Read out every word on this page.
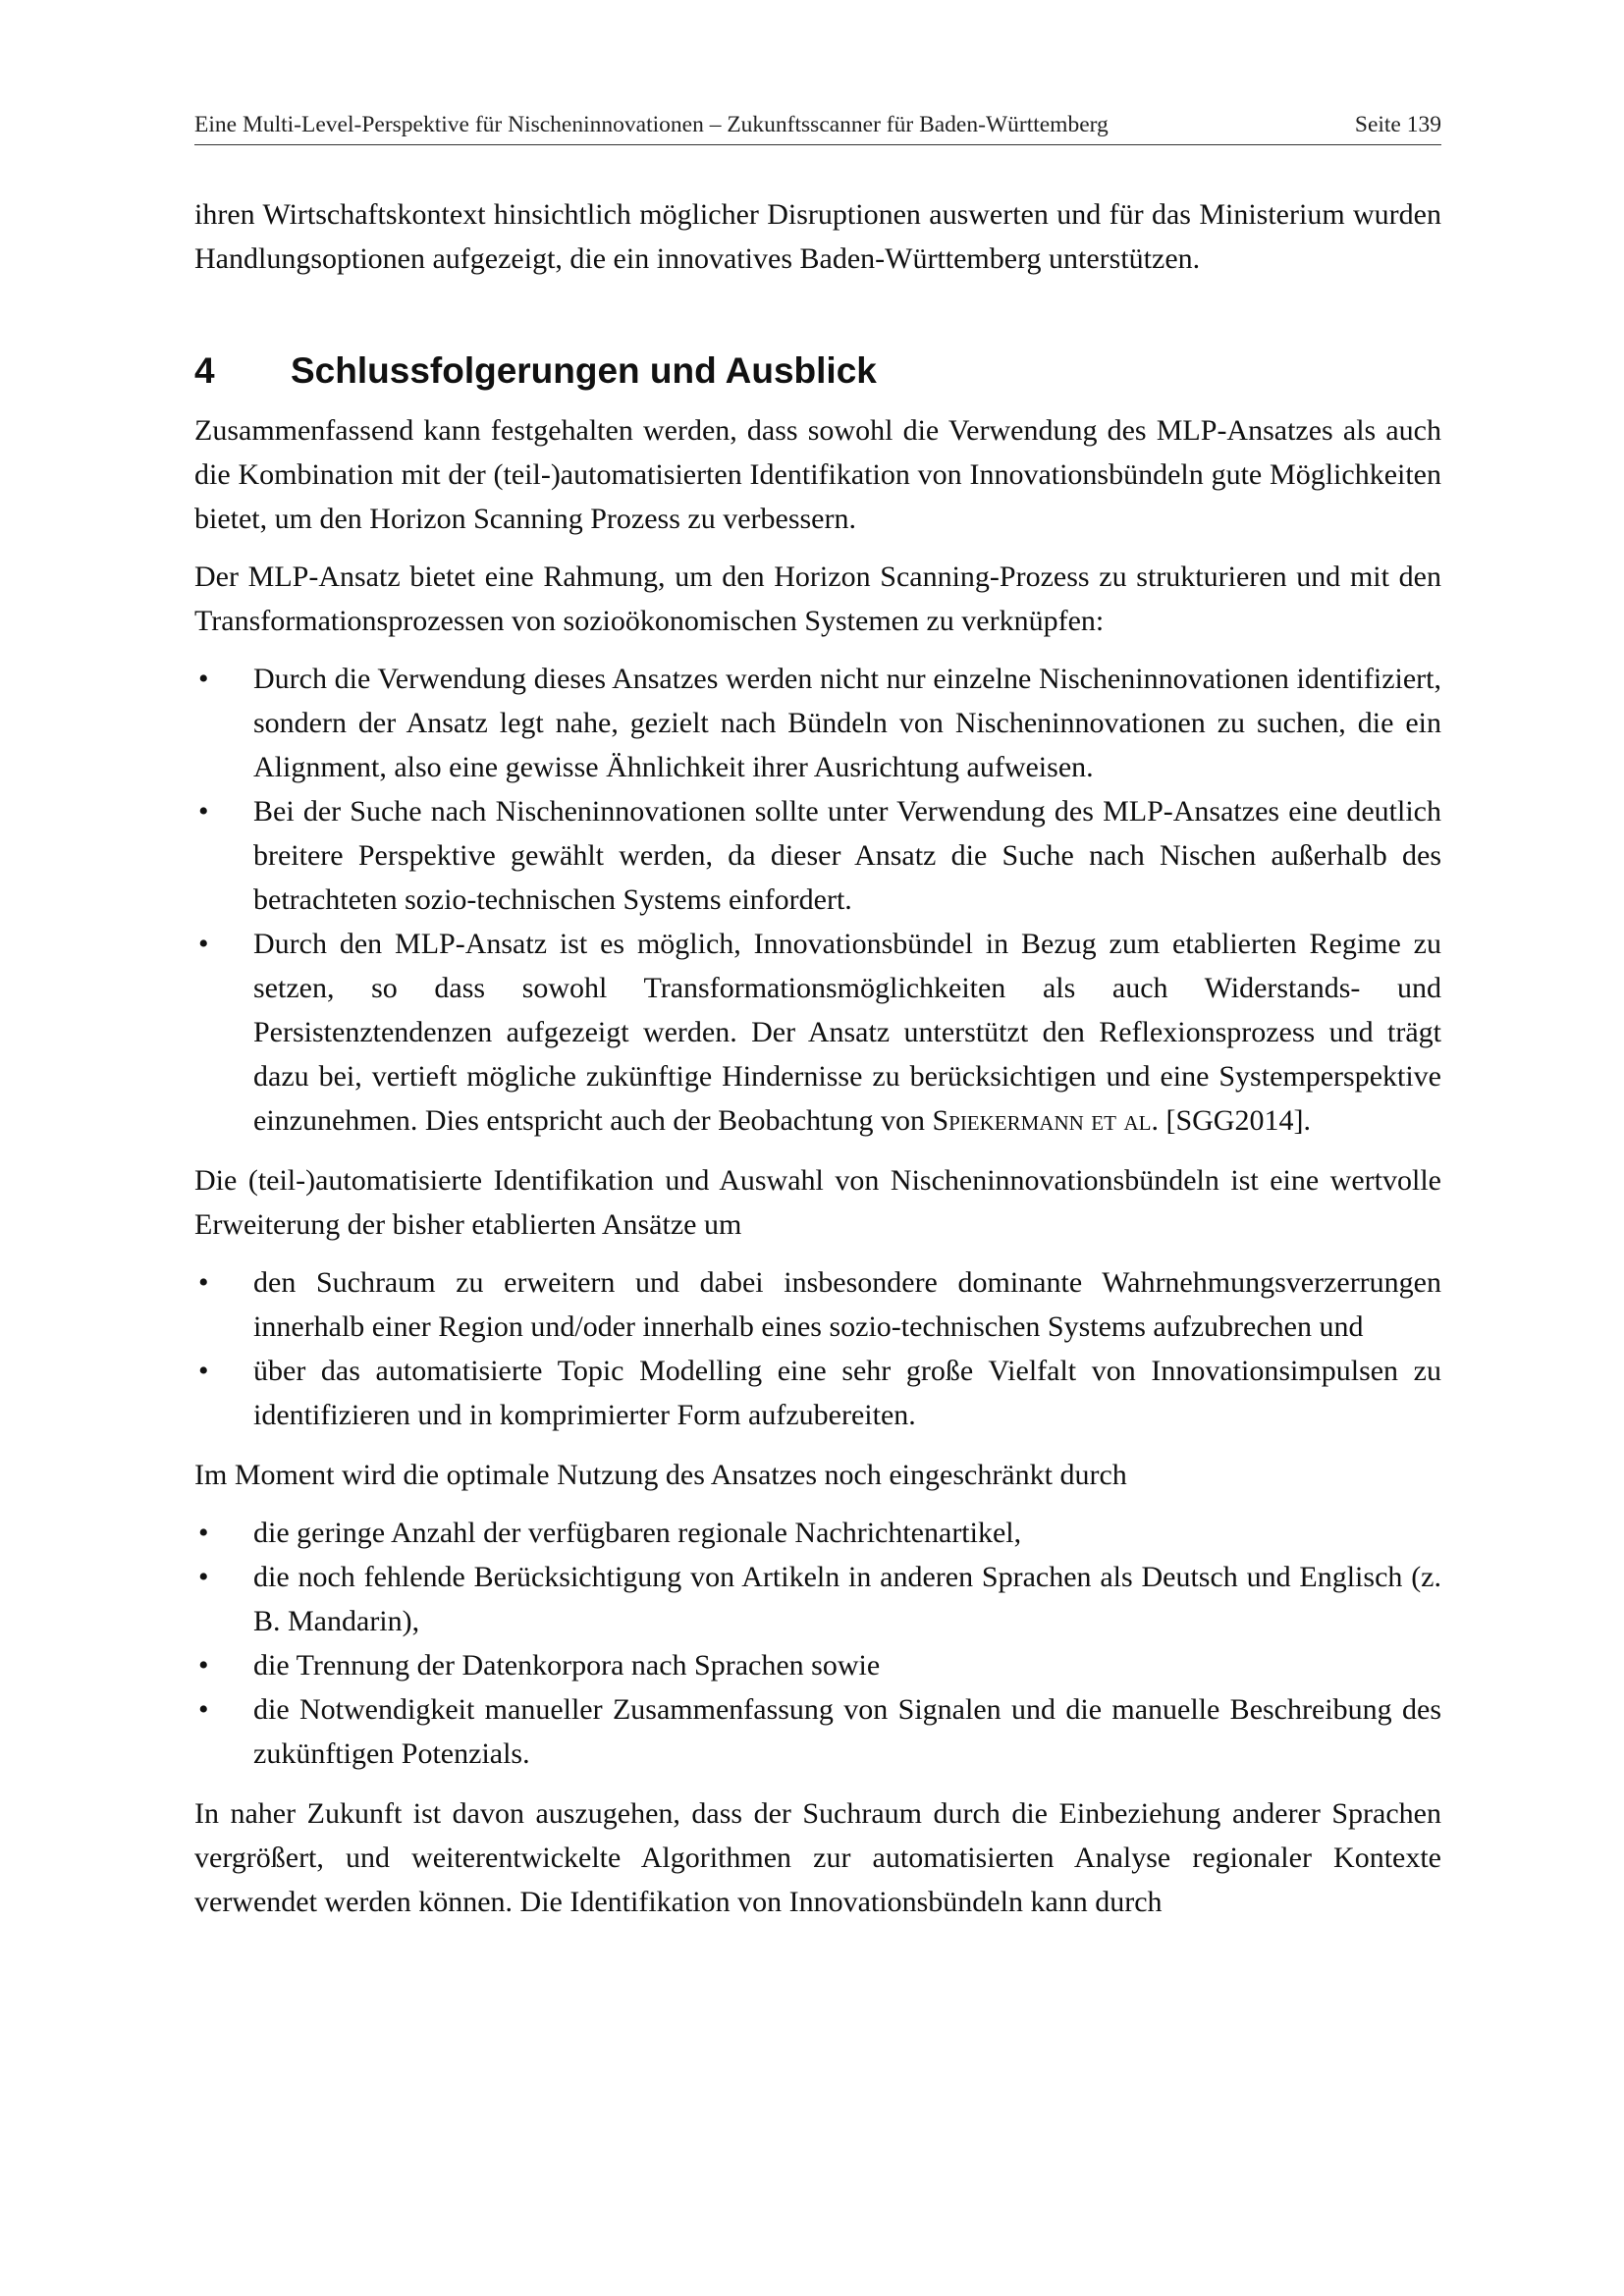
Eine Multi-Level-Perspektive für Nischeninnovationen – Zukunftsscanner für Baden-Württemberg	Seite 139

ihren Wirtschaftskontext hinsichtlich möglicher Disruptionen auswerten und für das Ministerium wurden Handlungsoptionen aufgezeigt, die ein innovatives Baden-Württemberg unterstützen.

4	Schlussfolgerungen und Ausblick

Zusammenfassend kann festgehalten werden, dass sowohl die Verwendung des MLP-Ansatzes als auch die Kombination mit der (teil-)automatisierten Identifikation von Innovationsbündeln gute Möglichkeiten bietet, um den Horizon Scanning Prozess zu verbessern.

Der MLP-Ansatz bietet eine Rahmung, um den Horizon Scanning-Prozess zu strukturieren und mit den Transformationsprozessen von sozioökonomischen Systemen zu verknüpfen:

•	Durch die Verwendung dieses Ansatzes werden nicht nur einzelne Nischeninnovationen identifiziert, sondern der Ansatz legt nahe, gezielt nach Bündeln von Nischeninnovationen zu suchen, die ein Alignment, also eine gewisse Ähnlichkeit ihrer Ausrichtung aufweisen.
•	Bei der Suche nach Nischeninnovationen sollte unter Verwendung des MLP-Ansatzes eine deutlich breitere Perspektive gewählt werden, da dieser Ansatz die Suche nach Nischen außerhalb des betrachteten sozio-technischen Systems einfordert.
•	Durch den MLP-Ansatz ist es möglich, Innovationsbündel in Bezug zum etablierten Regime zu setzen, so dass sowohl Transformationsmöglichkeiten als auch Widerstands- und Persistenztendenzen aufgezeigt werden. Der Ansatz unterstützt den Reflexionsprozess und trägt dazu bei, vertieft mögliche zukünftige Hindernisse zu berücksichtigen und eine Systemperspektive einzunehmen. Dies entspricht auch der Beobachtung von Spiekermann et al. [SGG2014].

Die (teil-)automatisierte Identifikation und Auswahl von Nischeninnovationsbündeln ist eine wertvolle Erweiterung der bisher etablierten Ansätze um

•	den Suchraum zu erweitern und dabei insbesondere dominante Wahrnehmungsverzerrungen innerhalb einer Region und/oder innerhalb eines sozio-technischen Systems aufzubrechen und
•	über das automatisierte Topic Modelling eine sehr große Vielfalt von Innovationsimpulsen zu identifizieren und in komprimierter Form aufzubereiten.

Im Moment wird die optimale Nutzung des Ansatzes noch eingeschränkt durch

•	die geringe Anzahl der verfügbaren regionale Nachrichtenartikel,
•	die noch fehlende Berücksichtigung von Artikeln in anderen Sprachen als Deutsch und Englisch (z. B. Mandarin),
•	die Trennung der Datenkorpora nach Sprachen sowie
•	die Notwendigkeit manueller Zusammenfassung von Signalen und die manuelle Beschreibung des zukünftigen Potenzials.

In naher Zukunft ist davon auszugehen, dass der Suchraum durch die Einbeziehung anderer Sprachen vergrößert, und weiterentwickelte Algorithmen zur automatisierten Analyse regionaler Kontexte verwendet werden können. Die Identifikation von Innovationsbündeln kann durch
